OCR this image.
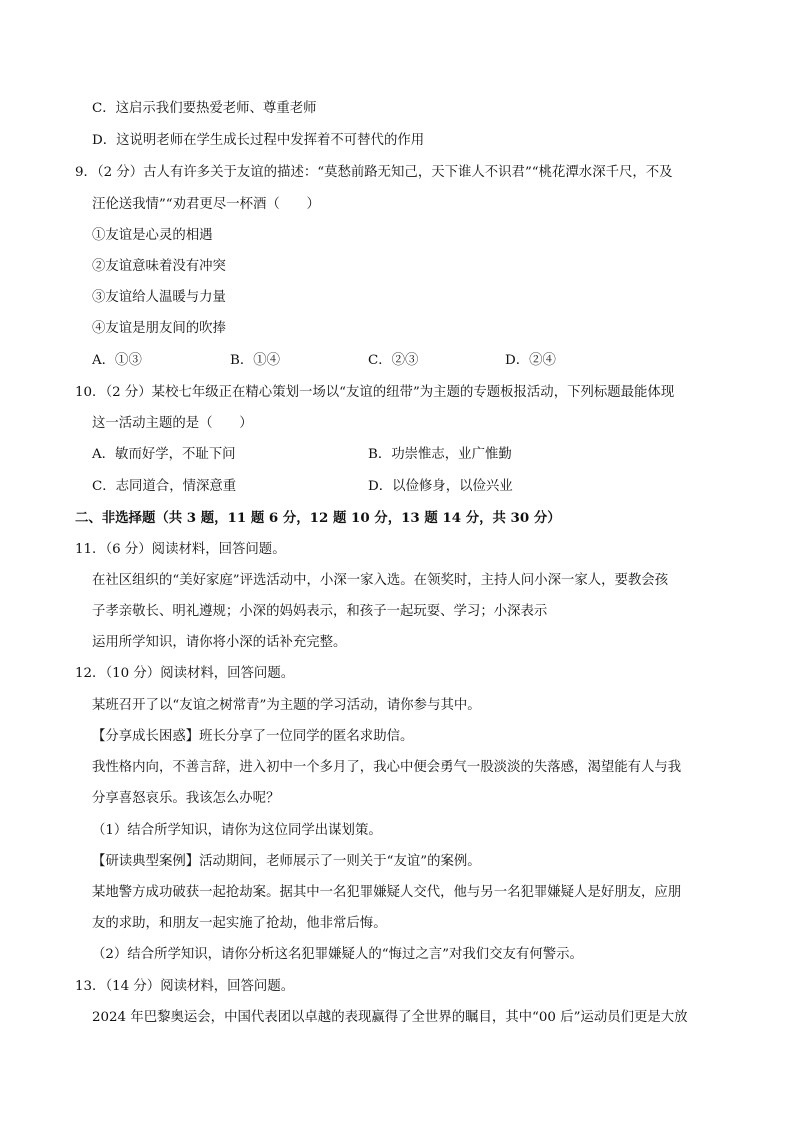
C．这启示我们要热爱老师、尊重老师
D．这说明老师在学生成长过程中发挥着不可替代的作用
9．（2 分）古人有许多关于友谊的描述：“莫愁前路无知己，天下谁人不识君”“桃花潭水深千尺，不及
汪伦送我情”“劝君更尽一杯酒（　　）
①友谊是心灵的相遇
②友谊意味着没有冲突
③友谊给人温暖与力量
④友谊是朋友间的吹捧
A．①③	B．①④	C．②③	D．②④
10．（2 分）某校七年级正在精心策划一场以“友谊的纽带”为主题的专题板报活动，下列标题最能体现
这一活动主题的是（　　）
A．敏而好学，不耻下问	B．功崇惟志，业广惟勤
C．志同道合，情深意重	D．以俭修身，以俭兴业
二、非选择题（共 3 题，11 题 6 分，12 题 10 分，13 题 14 分，共 30 分）
11．（6 分）阅读材料，回答问题。
在社区组织的“美好家庭”评选活动中，小深一家入选。在领奖时，主持人问小深一家人，要教会孩
子孝亲敬长、明礼遵规；小深的妈妈表示，和孩子一起玩耍、学习；小深表示
运用所学知识，请你将小深的话补充完整。
12．（10 分）阅读材料，回答问题。
某班召开了以“友谊之树常青”为主题的学习活动，请你参与其中。
【分享成长困惑】班长分享了一位同学的匿名求助信。
我性格内向，不善言辞，进入初中一个多月了，我心中便会勇气一股淡淡的失落感，渴望能有人与我
分享喜怒哀乐。我该怎么办呢？
（1）结合所学知识，请你为这位同学出谋划策。
【研读典型案例】活动期间，老师展示了一则关于“友谊”的案例。
某地警方成功破获一起抢劫案。据其中一名犯罪嫌疑人交代，他与另一名犯罪嫌疑人是好朋友，应朋
友的求助，和朋友一起实施了抢劫，他非常后悔。
（2）结合所学知识，请你分析这名犯罪嫌疑人的“悔过之言”对我们交友有何警示。
13．（14 分）阅读材料，回答问题。
2024 年巴黎奥运会，中国代表团以卓越的表现赢得了全世界的瞩目，其中“00 后”运动员们更是大放
